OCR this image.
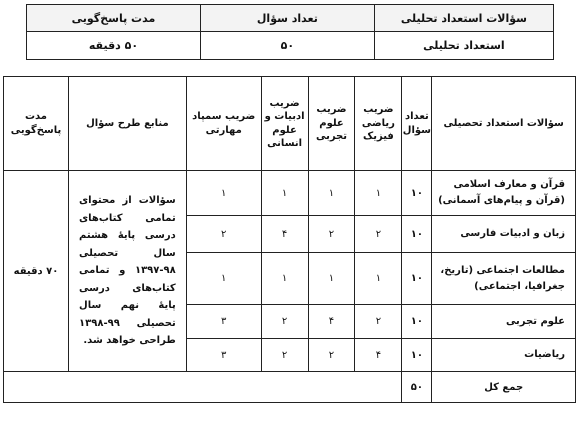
سؤالات استعداد تحلیلی	تعداد سؤال	مدت پاسخ‌گویی
استعداد تحلیلی	۵۰	۵۰ دقیقه
سؤالات استعداد تحصیلی	تعداد سؤال	ضریب ریاضی فیزیک	ضریب علوم تجربی	ضریب ادبیات و علوم انسانی	ضریب سمپاد مهارتی	منابع طرح سؤال	مدت پاسخ‌گویی
قرآن و معارف اسلامی (قرآن و پیام‌های آسمانی)	۱۰	۱	۱	۱	۱	سؤالات از محتوای تمامی کتاب‌های درسی پایهٔ هشتم سال تحصیلی ۹۸-۱۳۹۷ و تمامی کتاب‌های درسی پایهٔ نهم سال تحصیلی ۹۹-۱۳۹۸ طراحی خواهد شد.	۷۰ دقیقه
زبان و ادبیات فارسی	۱۰	۲	۲	۴	۲		
مطالعات اجتماعی (تاریخ، جغرافیا، اجتماعی)	۱۰	۱	۱	۱	۱		
علوم تجربی	۱۰	۲	۴	۲	۳		
ریاضیات	۱۰	۴	۲	۲	۳		
جمع کل	۵۰						
